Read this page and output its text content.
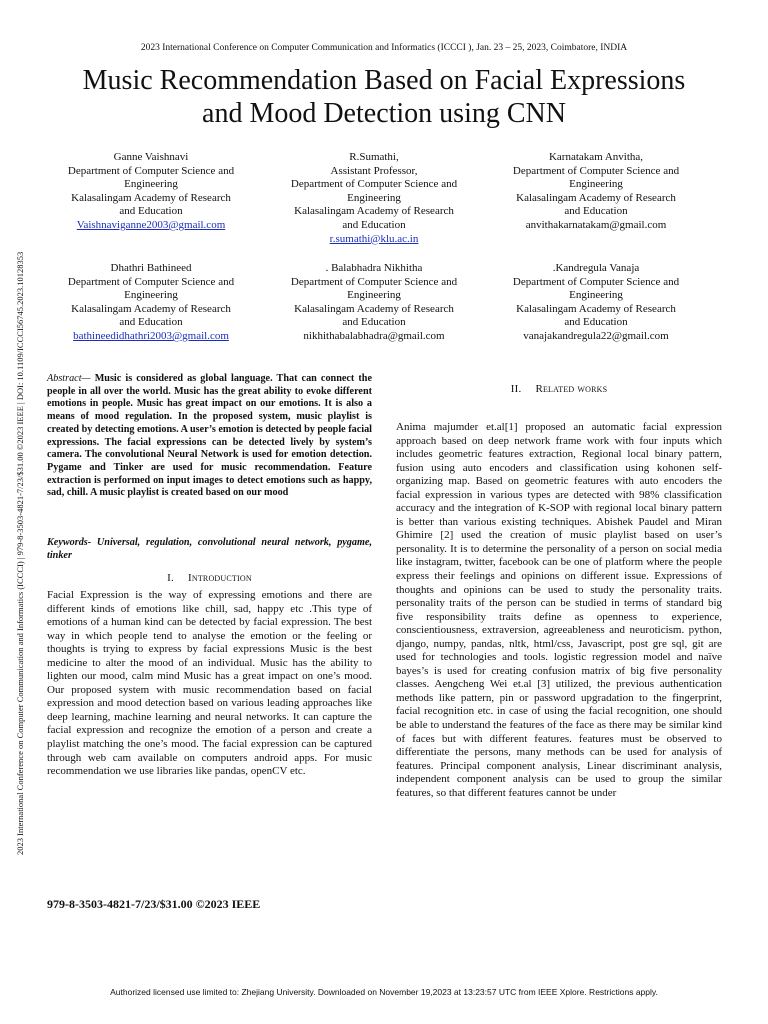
2023 International Conference on Computer Communication and Informatics (ICCCI ), Jan. 23 – 25, 2023, Coimbatore, INDIA
Music Recommendation Based on Facial Expressions
and Mood Detection using CNN
2023 International Conference on Computer Communication and Informatics (ICCCI) | 979-8-3503-4821-7/23/$31.00 ©2023 IEEE | DOI: 10.1109/ICCCI56745.2023.10128353
Ganne Vaishnavi
Department of Computer Science and
Engineering
Kalasalingam Academy of Research
and Education
Vaishnaviganne2003@gmail.com
R.Sumathi,
Assistant Professor,
Department of Computer Science and
Engineering
Kalasalingam Academy of Research
and Education
r.sumathi@klu.ac.in
Karnatakam Anvitha,
Department of Computer Science and
Engineering
Kalasalingam Academy of Research
and Education
anvithakarnatakam@gmail.com
Dhathri Bathineed
Department of Computer Science and
Engineering
Kalasalingam Academy of Research
and Education
bathineedidhathri2003@gmail.com
. Balabhadra Nikhitha
Department of Computer Science and
Engineering
Kalasalingam Academy of Research
and Education
nikhithabalabhadra@gmail.com
.Kandregula Vanaja
Department of Computer Science and
Engineering
Kalasalingam Academy of Research
and Education
vanajakandregula22@gmail.com
Abstract— Music is considered as global language. That can connect the people in all over the world. Music has the great ability to evoke different emotions in people. Music has great impact on our emotions. It is also a means of mood regulation. In the proposed system, music playlist is created by detecting emotions. A user’s emotion is detected by people facial expressions. The facial expressions can be detected lively by system’s camera. The convolutional Neural Network is used for emotion detection. Pygame and Tinker are used for music recommendation. Feature extraction is performed on input images to detect emotions such as happy, sad, chill. A music playlist is created based on our mood
Keywords- Universal, regulation, convolutional neural network, pygame, tinker
I. Introduction
Facial Expression is the way of expressing emotions and there are different kinds of emotions like chill, sad, happy etc .This type of emotions of a human kind can be detected by facial expression. The best way in which people tend to analyse the emotion or the feeling or thoughts is trying to express by facial expressions Music is the best medicine to alter the mood of an individual. Music has the ability to lighten our mood, calm mind Music has a great impact on one’s mood. Our proposed system with music recommendation based on facial expression and mood detection based on various leading approaches like deep learning, machine learning and neural networks. It can capture the facial expression and recognize the emotion of a person and create a playlist matching the one’s mood. The facial expression can be captured through web cam available on computers android apps. For music recommendation we use libraries like pandas, openCV etc.
979-8-3503-4821-7/23/$31.00 ©2023 IEEE
II. Related works
Anima majumder et.al[1] proposed an automatic facial expression approach based on deep network frame work with four inputs which includes geometric features extraction, Regional local binary pattern, fusion using auto encoders and classification using kohonen self-organizing map. Based on geometric features with auto encoders the facial expression in various types are detected with 98% classification accuracy and the integration of K-SOP with regional local binary pattern is better than various existing techniques. Abishek Paudel and Miran Ghimire [2] used the creation of music playlist based on user’s personality. It is to determine the personality of a person on social media like instagram, twitter, facebook can be one of platform where the people express their feelings and opinions on different issue. Expressions of thoughts and opinions can be used to study the personality traits. personality traits of the person can be studied in terms of standard big five responsibility traits define as openness to experience, conscientiousness, extraversion, agreeableness and neuroticism. python, django, numpy, pandas, nltk, html/css, Javascript, post gre sql, git are used for technologies and tools. logistic regression model and naïve bayes’s is used for creating confusion matrix of big five personality classes. Aengcheng Wei et.al [3] utilized, the previous authentication methods like pattern, pin or password upgradation to the fingerprint, facial recognition etc. in case of using the facial recognition, one should be able to understand the features of the face as there may be similar kind of faces but with different features. features must be observed to differentiate the persons, many methods can be used for analysis of features. Principal component analysis, Linear discriminant analysis, independent component analysis can be used to group the similar features, so that different features cannot be under
Authorized licensed use limited to: Zhejiang University. Downloaded on November 19,2023 at 13:23:57 UTC from IEEE Xplore. Restrictions apply.
